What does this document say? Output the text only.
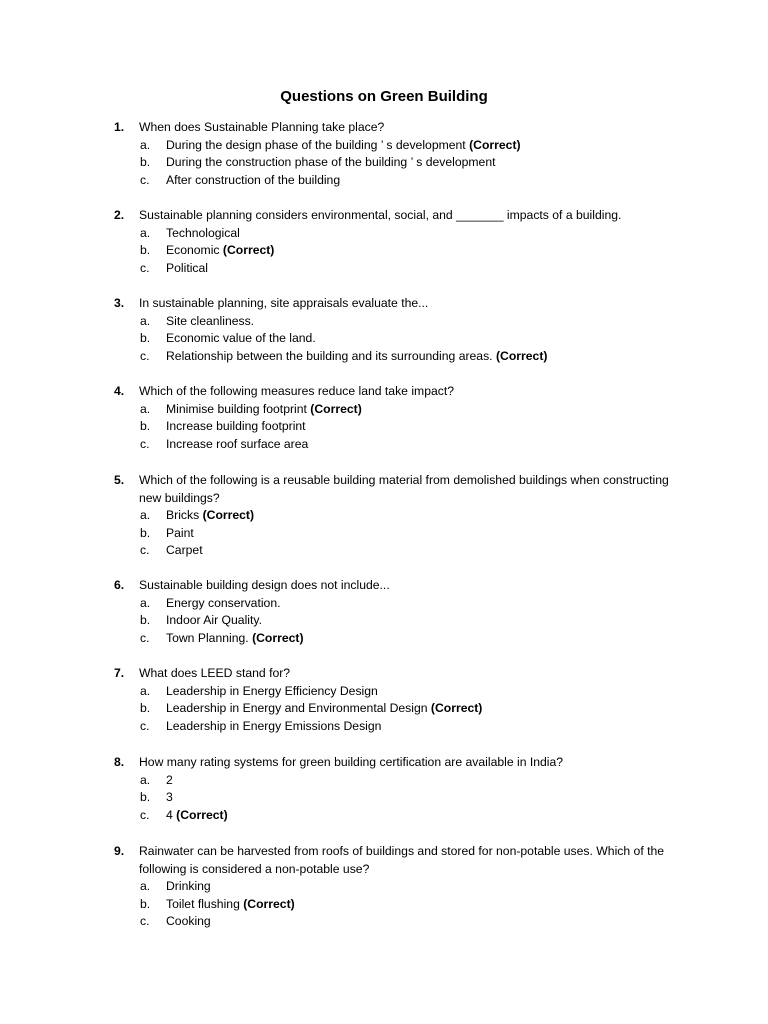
Questions on Green Building
1.	When does Sustainable Planning take place?
a.	During the design phase of the building ’ s development (Correct)
b.	During the construction phase of the building ’ s development
c.	After construction of the building
2.	Sustainable planning considers environmental, social, and _______ impacts of a building.
a.	Technological
b.	Economic (Correct)
c.	Political
3.	In sustainable planning, site appraisals evaluate the...
a.	Site cleanliness.
b.	Economic value of the land.
c.	Relationship between the building and its surrounding areas. (Correct)
4.	Which of the following measures reduce land take impact?
a.	Minimise building footprint (Correct)
b.	Increase building footprint
c.	Increase roof surface area
5.	Which of the following is a reusable building material from demolished buildings when constructing new buildings?
a.	Bricks (Correct)
b.	Paint
c.	Carpet
6.	Sustainable building design does not include...
a.	Energy conservation.
b.	Indoor Air Quality.
c.	Town Planning. (Correct)
7.	What does LEED stand for?
a.	Leadership in Energy Efficiency Design
b.	Leadership in Energy and Environmental Design (Correct)
c.	Leadership in Energy Emissions Design
8.	How many rating systems for green building certification are available in India?
a.	2
b.	3
c.	4 (Correct)
9.	Rainwater can be harvested from roofs of buildings and stored for non-potable uses. Which of the following is considered a non-potable use?
a.	Drinking
b.	Toilet flushing (Correct)
c.	Cooking
